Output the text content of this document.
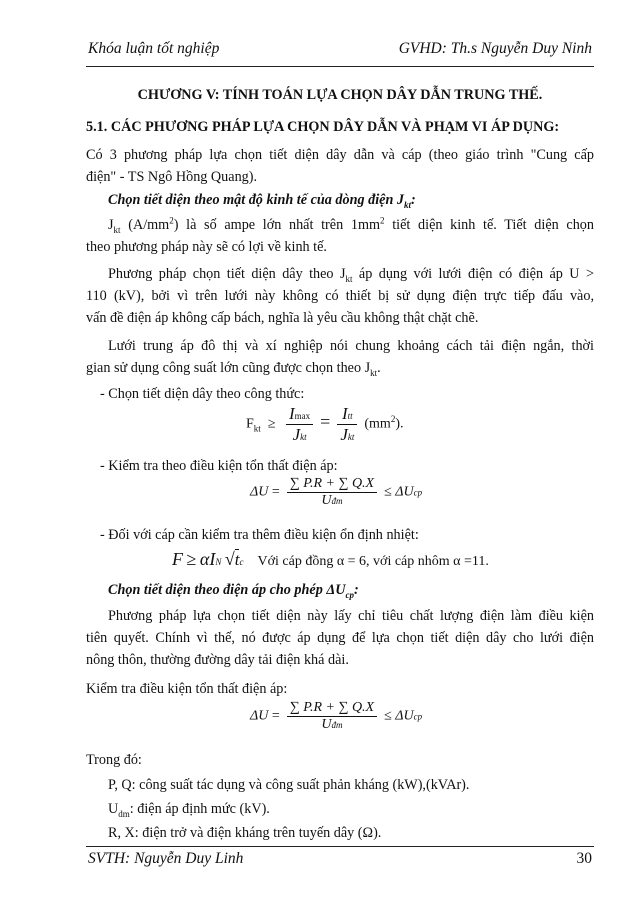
Khóa luận tốt nghiệp	GVHD: Th.s Nguyễn Duy Ninh
CHƯƠNG V: TÍNH TOÁN LỰA CHỌN DÂY DẪN TRUNG THẾ.
5.1. CÁC PHƯƠNG PHÁP LỰA CHỌN DÂY DẪN VÀ PHẠM VI ÁP DỤNG:
Có 3 phương pháp lựa chọn tiết diện dây dẫn và cáp (theo giáo trình "Cung cấp
điện" - TS Ngô Hồng Quang).
Chọn tiết diện theo mật độ kinh tế của dòng điện $J_{kt}$:
$J_{kt}$ $(A/mm^2)$ là số ampe lớn nhất trên $1mm^2$ tiết diện kinh tế. Tiết diện chọn
theo phương pháp này sẽ có lợi về kinh tế.
Phương pháp chọn tiết diện dây theo $J_{kt}$ áp dụng với lưới điện có điện áp U >
110 (kV), bởi vì trên lưới này không có thiết bị sử dụng điện trực tiếp đấu vào,
vấn đề điện áp không cấp bách, nghĩa là yêu cầu không thật chặt chẽ.
Lưới trung áp đô thị và xí nghiệp nói chung khoảng cách tải điện ngắn, thời
gian sử dụng công suất lớn cũng được chọn theo $J_{kt}$.
- Chọn tiết diện dây theo công thức:
$F_{kt} \ge \frac{Imax}{\text{Jkt}} = \frac{\text{Itt}}{\text{Jkt}} (mm^2)$.
- Kiểm tra theo điều kiện tổn thất điện áp:
$\Delta U = \frac{\sum P.R + \sum Q.X}{\text{Uđm}} \le \Delta Ucp$
- Đối với cáp cần kiểm tra thêm điều kiện ổn định nhiệt:
F ≥ αIN √tc Với cáp đồng α = 6, với cáp nhôm α =11.
Chọn tiết diện theo điện áp cho phép $\Delta U_{cp}$:
Phương pháp lựa chọn tiết diện này lấy chỉ tiêu chất lượng điện làm điều kiện
tiên quyết. Chính vì thế, nó được áp dụng để lựa chọn tiết diện dây cho lưới điện
nông thôn, thường đường dây tải điện khá dài.
Kiểm tra điều kiện tổn thất điện áp:
$\Delta U = \frac{\sum P.R + \sum Q.X}{\text{Uđm}} \le \Delta Ucp$
Trong đó:
P, Q: công suất tác dụng và công suất phản kháng (kW),(kVAr).
$U_{dm}$: điện áp định mức (kV).
R, X: điện trở và điện kháng trên tuyến dây (Ω).
SVTH: Nguyễn Duy Linh	30
